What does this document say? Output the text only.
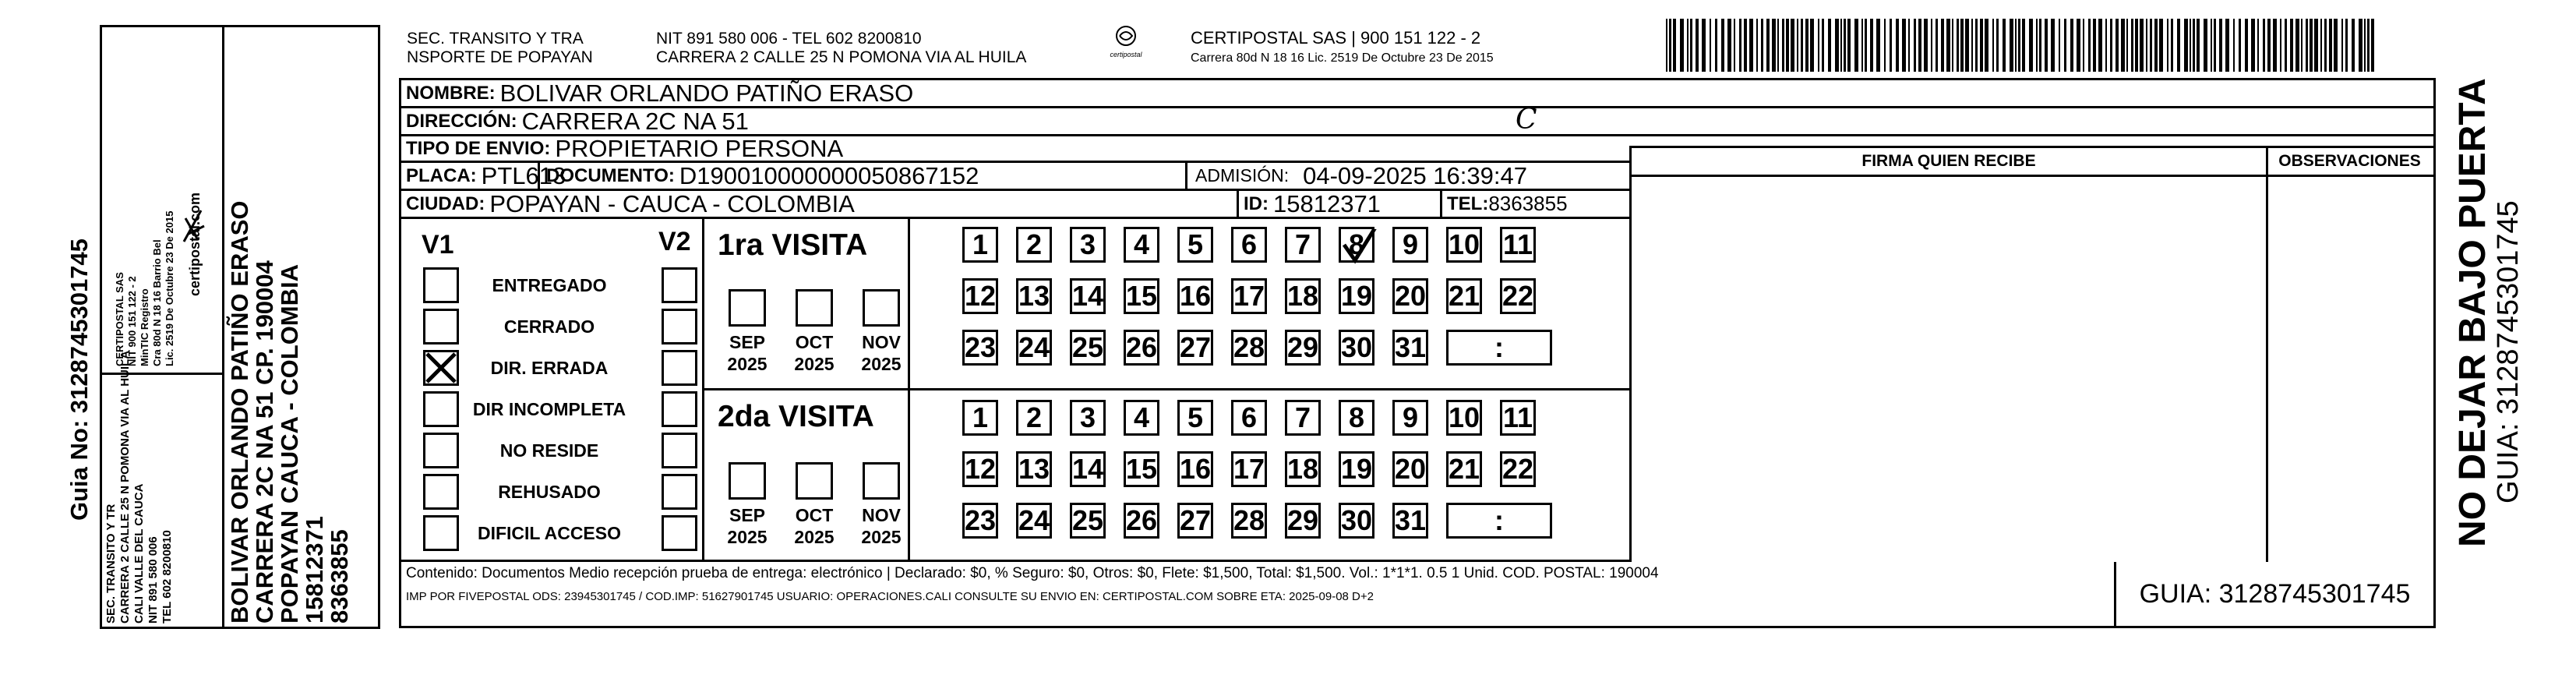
Guia No: 3128745301745
SEC. TRANSITO Y TR CARRERA 2 CALLE 25 N POMONA VIA AL HUILA CALI VALLE DEL CAUCA NIT 891 580 006 TEL 602 8200810
CERTIPOSTAL SAS NIT 900 151 122 - 2 MinTIC Registro Cra 80d N 18 16 Barrio Bel Lic. 2519 De Octubre 23 De 2015 certipostal.com BOLIVAR ORLANDO PATIÑO ERASO
CARRERA 2C NA 51 CP. 190004
POPAYAN CAUCA - COLOMBIA
15812371
8363855
SEC. TRANSITO Y TRA
NSPORTE DE POPAYAN
NIT 891 580 006 - TEL 602 8200810
CARRERA 2 CALLE 25 N POMONA VIA AL HUILA	certipostal
CERTIPOSTAL SAS | 900 151 122 - 2
Carrera 80d N 18 16 Lic. 2519 De Octubre 23 De 2015
NOMBRE: BOLIVAR ORLANDO PATIÑO ERASO
DIRECCIÓN: CARRERA 2C NA 51	C
TIPO DE ENVIO: PROPIETARIO PERSONA
PLACA: PTL613
DOCUMENTO: D190010000000050867152	ADMISIÓN: 04-09-2025 16:39:47
CIUDAD: POPAYAN - CAUCA - COLOMBIA	ID: 15812371	TEL: 8363855
FIRMA QUIEN RECIBE	OBSERVACIONES
V1	V2
ENTREGADO
CERRADO
DIR. ERRADA
DIR INCOMPLETA
NO RESIDE
REHUSADO
DIFICIL ACCESO
1ra VISITA
2da VISITA
SEP
2025
OCT
2025
NOV
2025
1 2 3 4 5 6 7 8 9 10 11
12 13 14 15 16 17 18 19 20 21 22
23 24 25 26 27 28 29 30 31 :
SEP
2025
OCT
2025
NOV
2025
1 2 3 4 5 6 7 8 9 10 11
12 13 14 15 16 17 18 19 20 21 22
23 24 25 26 27 28 29 30 31 :
Contenido: Documentos Medio recepción prueba de entrega: electrónico | Declarado: $0, % Seguro: $0, Otros: $0, Flete: $1,500, Total: $1,500. Vol.: 1*1*1. 0.5 1 Unid. COD. POSTAL: 190004
IMP POR FIVEPOSTAL ODS: 23945301745 / COD.IMP: 51627901745 USUARIO: OPERACIONES.CALI CONSULTE SU ENVIO EN: CERTIPOSTAL.COM SOBRE ETA: 2025-09-08 D+2	GUIA: 3128745301745
NO DEJAR BAJO PUERTA
GUIA: 3128745301745
